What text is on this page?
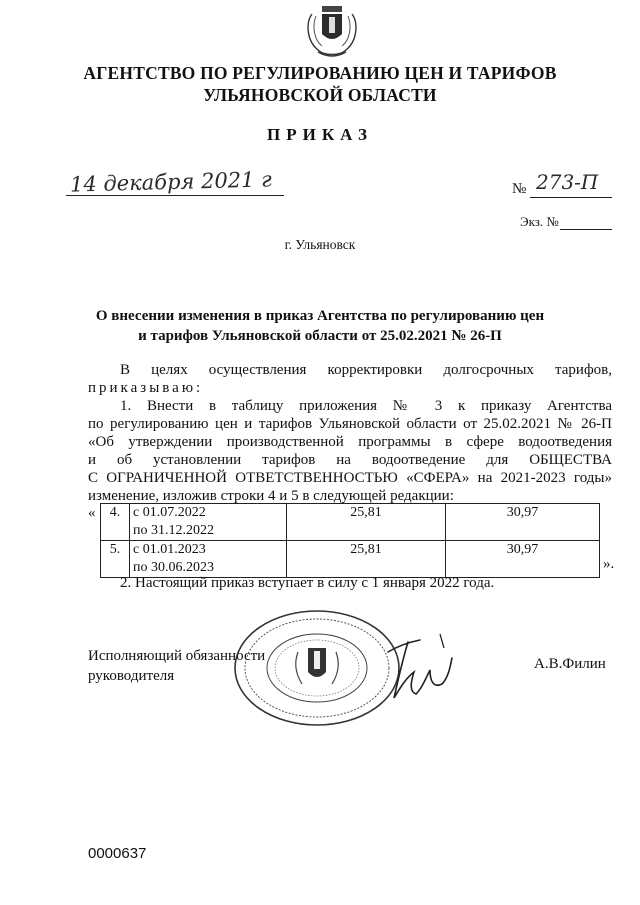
АГЕНТСТВО ПО РЕГУЛИРОВАНИЮ ЦЕН И ТАРИФОВ
УЛЬЯНОВСКОЙ ОБЛАСТИ
ПРИКАЗ
14 декабря 2021 г	№ 273-П
Экз. №
г. Ульяновск
О внесении изменения в приказ Агентства по регулированию цен
и тарифов Ульяновской области от 25.02.2021 № 26-П
В целях осуществления корректировки долгосрочных тарифов,
приказываю:
1. Внести в таблицу приложения № 3 к приказу Агентства
по регулированию цен и тарифов Ульяновской области от 25.02.2021 № 26-П
«Об утверждении производственной программы в сфере водоотведения
и об установлении тарифов на водоотведение для ОБЩЕСТВА
С ОГРАНИЧЕННОЙ ОТВЕТСТВЕННОСТЬЮ «СФЕРА» на 2021-2023 годы»
изменение, изложив строки 4 и 5 в следующей редакции:
« 4.	с 01.07.2022
по 31.12.2022	25,81	30,97
5.	с 01.01.2023
по 30.06.2023	25,81	30,97
».
2. Настоящий приказ вступает в силу с 1 января 2022 года.
Исполняющий обязанности
руководителя
А.В.Филин
0000637
